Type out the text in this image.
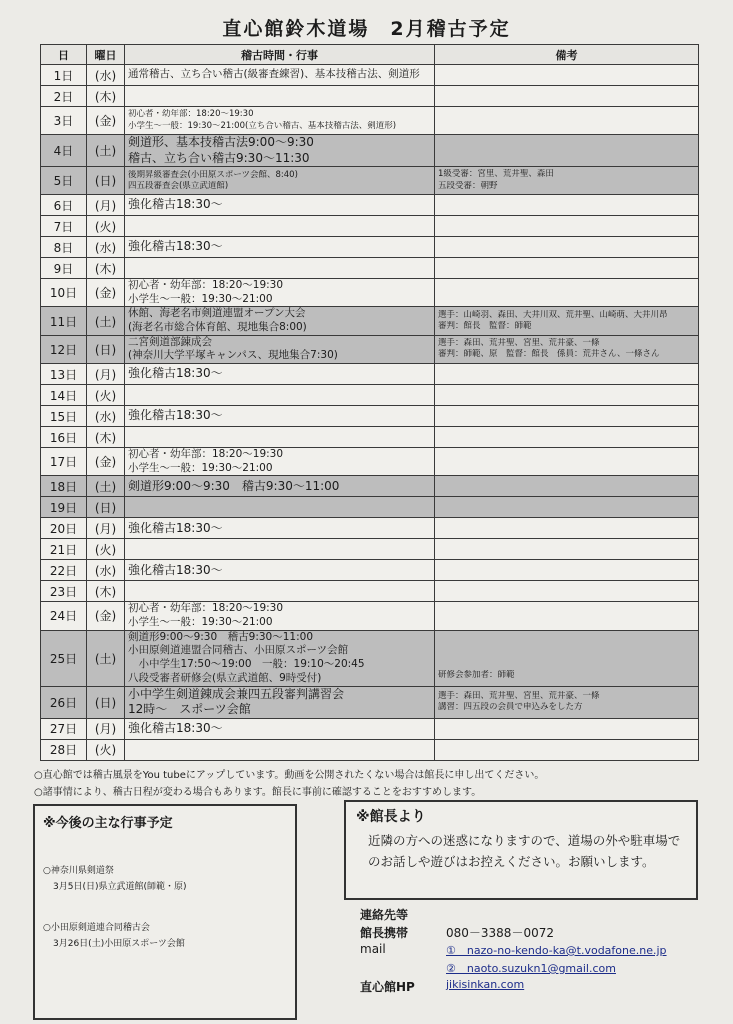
直心館鈴木道場　2月稽古予定
日	曜日	稽古時間・行事	備考
1日	(水)	通常稽古、立ち合い稽古(級審査練習)、基本技稽古法、剣道形	

2日	(木)		
3日	(金)	初心者・幼年部：18:20～19:30
小学生～一般：19:30～21:00(立ち合い稽古、基本技稽古法、剣道形)	

4日	(土)	剣道形、基本技稽古法9:00～9:30
稽古、立ち合い稽古9:30～11:30	

5日	(日)	後期昇級審査会(小田原スポーツ会館、8:40)
四五段審査会(県立武道館)	1級受審：宮里、荒井聖、森田
五段受審：朝野

6日	(月)	強化稽古18:30～	

7日	(火)		
8日	(水)	強化稽古18:30～	

9日	(木)		
10日	(金)	初心者・幼年部：18:20～19:30
小学生～一般：19:30～21:00	

11日	(土)	休館、海老名市剣道連盟オープン大会
(海老名市総合体育館、現地集合8:00)	選手：山崎羽、森田、大井川双、荒井聖、山崎萌、大井川昂
審判：館長　監督：師範

12日	(日)	二宮剣道部錬成会
(神奈川大学平塚キャンパス、現地集合7:30)	選手：森田、荒井聖、宮里、荒井豪、一條
審判：師範、原　監督：館長　係員：荒井さん、一條さん

13日	(月)	強化稽古18:30～	

14日	(火)		
15日	(水)	強化稽古18:30～	

16日	(木)		
17日	(金)	初心者・幼年部：18:20～19:30
小学生～一般：19:30～21:00	

18日	(土)	剣道形9:00～9:30　稽古9:30～11:00	

19日	(日)		
20日	(月)	強化稽古18:30～	

21日	(火)		
22日	(水)	強化稽古18:30～	

23日	(木)		
24日	(金)	初心者・幼年部：18:20～19:30
小学生～一般：19:30～21:00	

25日	(土)	剣道形9:00～9:30　稽古9:30～11:00
小田原剣道連盟合同稽古、小田原スポーツ会館
　小中学生17:50～19:00　一般：19:10～20:45
八段受審者研修会(県立武道館、9時受付)	研修会参加者：師範

26日	(日)	小中学生剣道錬成会兼四五段審判講習会
12時～　スポーツ会館	選手：森田、荒井聖、宮里、荒井豪、一條
講習：四五段の会員で申込みをした方

27日	(月)	強化稽古18:30～	

28日	(火)		
○直心館では稽古風景をYou tubeにアップしています。動画を公開されたくない場合は館長に申し出てください。
○諸事情により、稽古日程が変わる場合もあります。館長に事前に確認することをおすすめします。
※今後の主な行事予定
○神奈川県剣道祭
3月5日(日)県立武道館(師範・原)
○小田原剣道連合同稽古会
3月26日(土)小田原スポーツ会館
※館長より
近隣の方への迷惑になりますので、道場の外や駐車場でのお話しや遊びはお控えください。お願いします。
連絡先等
館長携帯	080－3388－0072
mail	①　nazo-no-kendo-ka@t.vodafone.ne.jp
②　naoto.suzukn1@gmail.com
直心館HP	jikisinkan.com
